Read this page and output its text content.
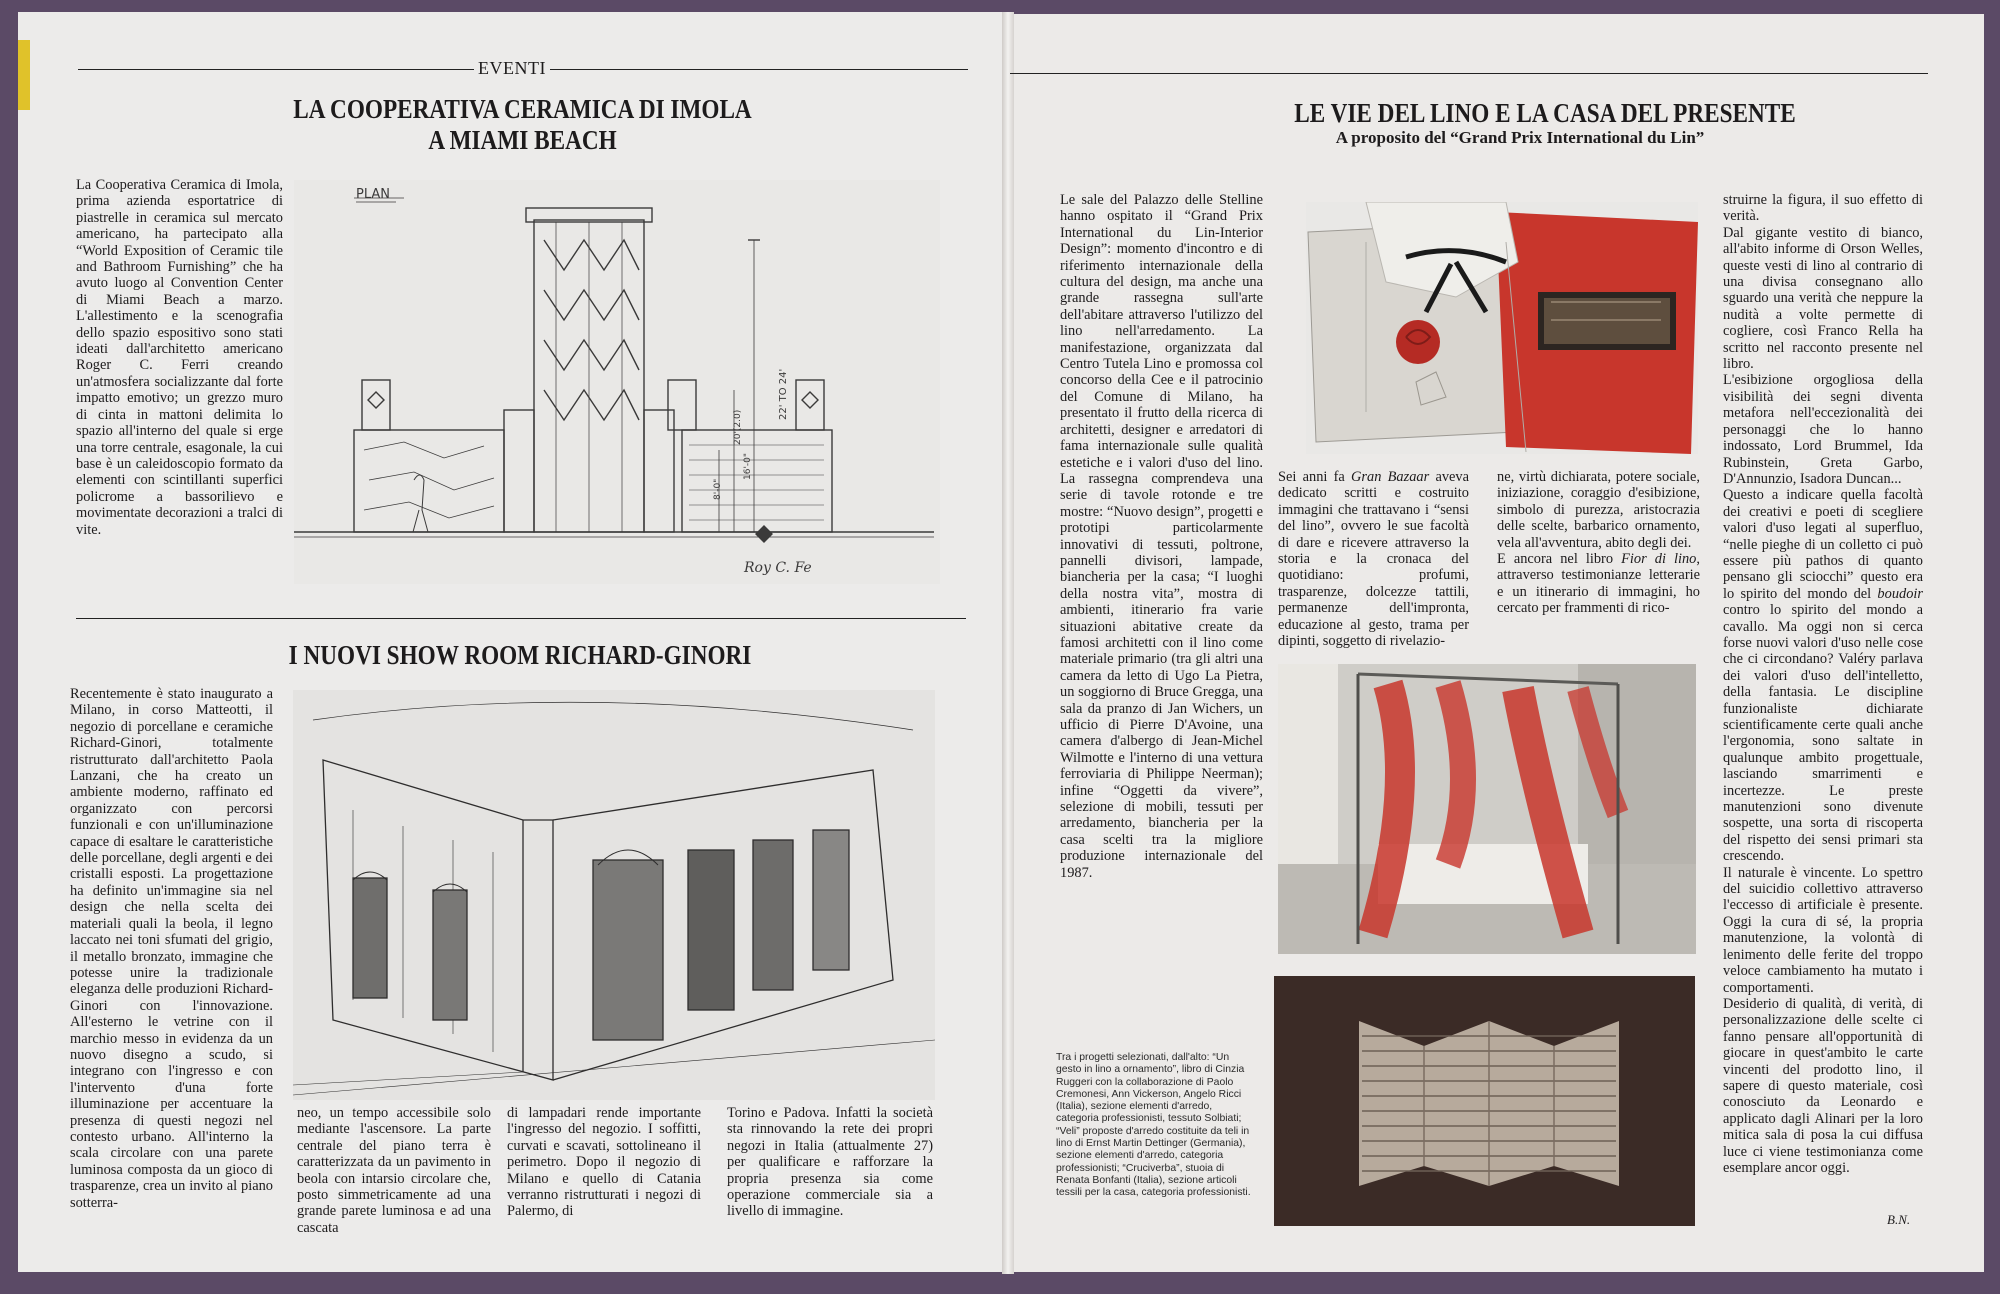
EVENTI
LA COOPERATIVA CERAMICA DI IMOLA
A MIAMI BEACH
La Cooperativa Ceramica di Imola, prima azienda esportatrice di piastrelle in ceramica sul mercato americano, ha partecipato alla “World Exposition of Ceramic tile and Bathroom Furnishing” che ha avuto luogo al Convention Center di Miami Beach a marzo. L'allestimento e la scenografia dello spazio espositivo sono stati ideati dall'architetto americano Roger C. Ferri creando un'atmosfera socializzante dal forte impatto emotivo; un grezzo muro di cinta in mattoni delimita lo spazio all'interno del quale si erge una torre centrale, esagonale, la cui base è un caleidoscopio formato da elementi con scintillanti superfici policrome a bassorilievo e movimentate decorazioni a tralci di vite.
PLAN
22' TO 24'
16'-0"
20'(2.0)
8'-0"
Roy C. Fe
I NUOVI SHOW ROOM RICHARD-GINORI
Recentemente è stato inaugurato a Milano, in corso Matteotti, il negozio di porcellane e ceramiche Richard-Ginori, totalmente ristrutturato dall'architetto Paola Lanzani, che ha creato un ambiente moderno, raffinato ed organizzato con percorsi funzionali e con un'illuminazione capace di esaltare le caratteristiche delle porcellane, degli argenti e dei cristalli esposti. La progettazione ha definito un'immagine sia nel design che nella scelta dei materiali quali la beola, il legno laccato nei toni sfumati del grigio, il metallo bronzato, immagine che potesse unire la tradizionale eleganza delle produzioni Richard-Ginori con l'innovazione. All'esterno le vetrine con il marchio messo in evidenza da un nuovo disegno a scudo, si integrano con l'ingresso e con l'intervento d'una forte illuminazione per accentuare la presenza di questi negozi nel contesto urbano. All'interno la scala circolare con una parete luminosa composta da un gioco di trasparenze, crea un invito al piano sotterra-
neo, un tempo accessibile solo mediante l'ascensore. La parte centrale del piano terra è caratterizzata da un pavimento in beola con intarsio circolare che, posto simmetricamente ad una grande parete luminosa e ad una cascata
di lampadari rende importante l'ingresso del negozio. I soffitti, curvati e scavati, sottolineano il perimetro. Dopo il negozio di Milano e quello di Catania verranno ristrutturati i negozi di Palermo, di
Torino e Padova. Infatti la società sta rinnovando la rete dei propri negozi in Italia (attualmente 27) per qualificare e rafforzare la propria presenza sia come operazione commerciale sia a livello di immagine.
LE VIE DEL LINO E LA CASA DEL PRESENTE
A proposito del “Grand Prix International du Lin”
Le sale del Palazzo delle Stelline hanno ospitato il “Grand Prix International du Lin-Interior Design”: momento d'incontro e di riferimento internazionale della cultura del design, ma anche una grande rassegna sull'arte dell'abitare attraverso l'utilizzo del lino nell'arredamento. La manifestazione, organizzata dal Centro Tutela Lino e promossa col concorso della Cee e il patrocinio del Comune di Milano, ha presentato il frutto della ricerca di architetti, designer e arredatori di fama internazionale sulle qualità estetiche e i valori d'uso del lino. La rassegna comprendeva una serie di tavole rotonde e tre mostre: “Nuovo design”, progetti e prototipi particolarmente innovativi di tessuti, poltrone, pannelli divisori, lampade, biancheria per la casa; “I luoghi della nostra vita”, mostra di ambienti, itinerario fra varie situazioni abitative create da famosi architetti con il lino come materiale primario (tra gli altri una camera da letto di Ugo La Pietra, un soggiorno di Bruce Gregga, una sala da pranzo di Jan Wichers, un ufficio di Pierre D'Avoine, una camera d'albergo di Jean-Michel Wilmotte e l'interno di una vettura ferroviaria di Philippe Neerman); infine “Oggetti da vivere”, selezione di mobili, tessuti per arredamento, biancheria per la casa scelti tra la migliore produzione internazionale del 1987.
Sei anni fa Gran Bazaar aveva dedicato scritti e costruito immagini che trattavano i “sensi del lino”, ovvero le sue facoltà di dare e ricevere attraverso la storia e la cronaca del quotidiano: profumi, trasparenze, dolcezze tattili, permanenze dell'impronta, educazione al gesto, trama per dipinti, soggetto di rivelazio-

ne, virtù dichiarata, potere sociale, iniziazione, coraggio d'esibizione, simbolo di purezza, aristocrazia delle scelte, barbarico ornamento, vela all'avventura, abito degli dei.

E ancora nel libro Fior di lino, attraverso testimonianze letterarie e un itinerario di immagini, ho cercato per frammenti di rico-

Tra i progetti selezionati, dall'alto: “Un gesto in lino a ornamento”, libro di Cinzia Ruggeri con la collaborazione di Paolo Cremonesi, Ann Vickerson, Angelo Ricci (Italia), sezione elementi d'arredo, categoria professionisti, tessuto Solbiati; “Veli” proposte d'arredo costituite da teli in lino di Ernst Martin Dettinger (Germania), sezione elementi d'arredo, categoria professionisti; “Cruciverba”, stuoia di Renata Bonfanti (Italia), sezione articoli tessili per la casa, categoria professionisti.

struirne la figura, il suo effetto di verità.

Dal gigante vestito di bianco, all'abito informe di Orson Welles, queste vesti di lino al contrario di una divisa consegnano allo sguardo una verità che neppure la nudità a volte permette di cogliere, così Franco Rella ha scritto nel racconto presente nel libro.

L'esibizione orgogliosa della visibilità dei segni diventa metafora nell'eccezionalità dei personaggi che lo hanno indossato, Lord Brummel, Ida Rubinstein, Greta Garbo, D'Annunzio, Isadora Duncan...

Questo a indicare quella facoltà dei creativi e poeti di scegliere valori d'uso legati al superfluo, “nelle pieghe di un colletto ci può essere più pathos di quanto pensano gli sciocchi” questo era lo spirito del mondo del boudoir contro lo spirito del mondo a cavallo. Ma oggi non si cerca forse nuovi valori d'uso nelle cose che ci circondano? Valéry parlava dei valori d'uso dell'intelletto, della fantasia. Le discipline funzionaliste dichiarate scientificamente certe quali anche l'ergonomia, sono saltate in qualunque ambito progettuale, lasciando smarrimenti e incertezze. Le preste manutenzioni sono divenute sospette, una sorta di riscoperta del rispetto dei sensi primari sta crescendo.

Il naturale è vincente. Lo spettro del suicidio collettivo attraverso l'eccesso di artificiale è presente. Oggi la cura di sé, la propria manutenzione, la volontà di lenimento delle ferite del troppo veloce cambiamento ha mutato i comportamenti.

Desiderio di qualità, di verità, di personalizzazione delle scelte ci fanno pensare all'opportunità di giocare in quest'ambito le carte vincenti del prodotto lino, il sapere di questo materiale, così conosciuto da Leonardo e applicato dagli Alinari per la loro mitica sala di posa la cui diffusa luce ci viene testimonianza come esemplare ancor oggi.

B.N.
